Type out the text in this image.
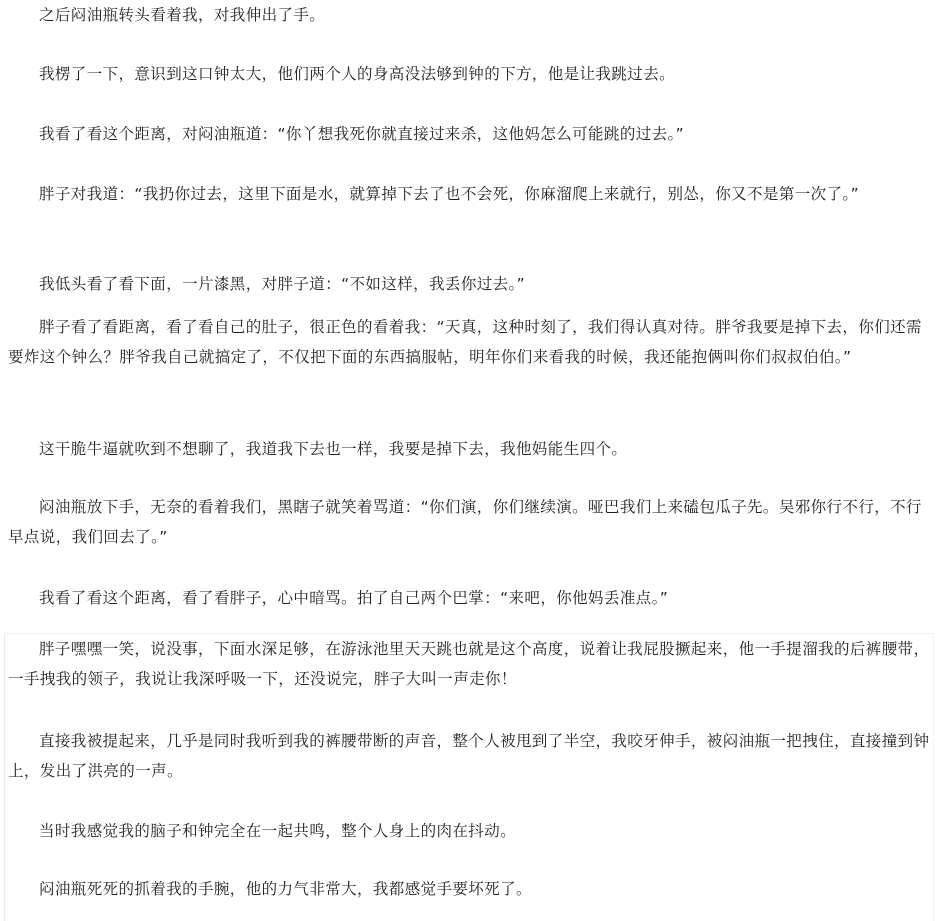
之后闷油瓶转头看着我，对我伸出了手。

我楞了一下，意识到这口钟太大，他们两个人的身高没法够到钟的下方，他是让我跳过去。

我看了看这个距离，对闷油瓶道：“你丫想我死你就直接过来杀，这他妈怎么可能跳的过去。”

胖子对我道：“我扔你过去，这里下面是水，就算掉下去了也不会死，你麻溜爬上来就行，别怂，你又不是第一次了。”

我低头看了看下面，一片漆黑，对胖子道：“不如这样，我丢你过去。”

胖子看了看距离，看了看自己的肚子，很正色的看着我：“天真，这种时刻了，我们得认真对待。胖爷我要是掉下去，你们还需要炸这个钟么？胖爷我自己就搞定了，不仅把下面的东西搞服帖，明年你们来看我的时候，我还能抱俩叫你们叔叔伯伯。”

这干脆牛逼就吹到不想聊了，我道我下去也一样，我要是掉下去，我他妈能生四个。

闷油瓶放下手，无奈的看着我们，黑瞎子就笑着骂道：“你们演，你们继续演。哑巴我们上来磕包瓜子先。吴邪你行不行，不行早点说，我们回去了。”

我看了看这个距离，看了看胖子，心中暗骂。拍了自己两个巴掌：“来吧，你他妈丢准点。”

胖子嘿嘿一笑，说没事，下面水深足够，在游泳池里天天跳也就是这个高度，说着让我屁股撅起来，他一手提溜我的后裤腰带，一手拽我的领子，我说让我深呼吸一下，还没说完，胖子大叫一声走你！

直接我被提起来，几乎是同时我听到我的裤腰带断的声音，整个人被甩到了半空，我咬牙伸手，被闷油瓶一把拽住，直接撞到钟上，发出了洪亮的一声。

当时我感觉我的脑子和钟完全在一起共鸣，整个人身上的肉在抖动。

闷油瓶死死的抓着我的手腕，他的力气非常大，我都感觉手要坏死了。
